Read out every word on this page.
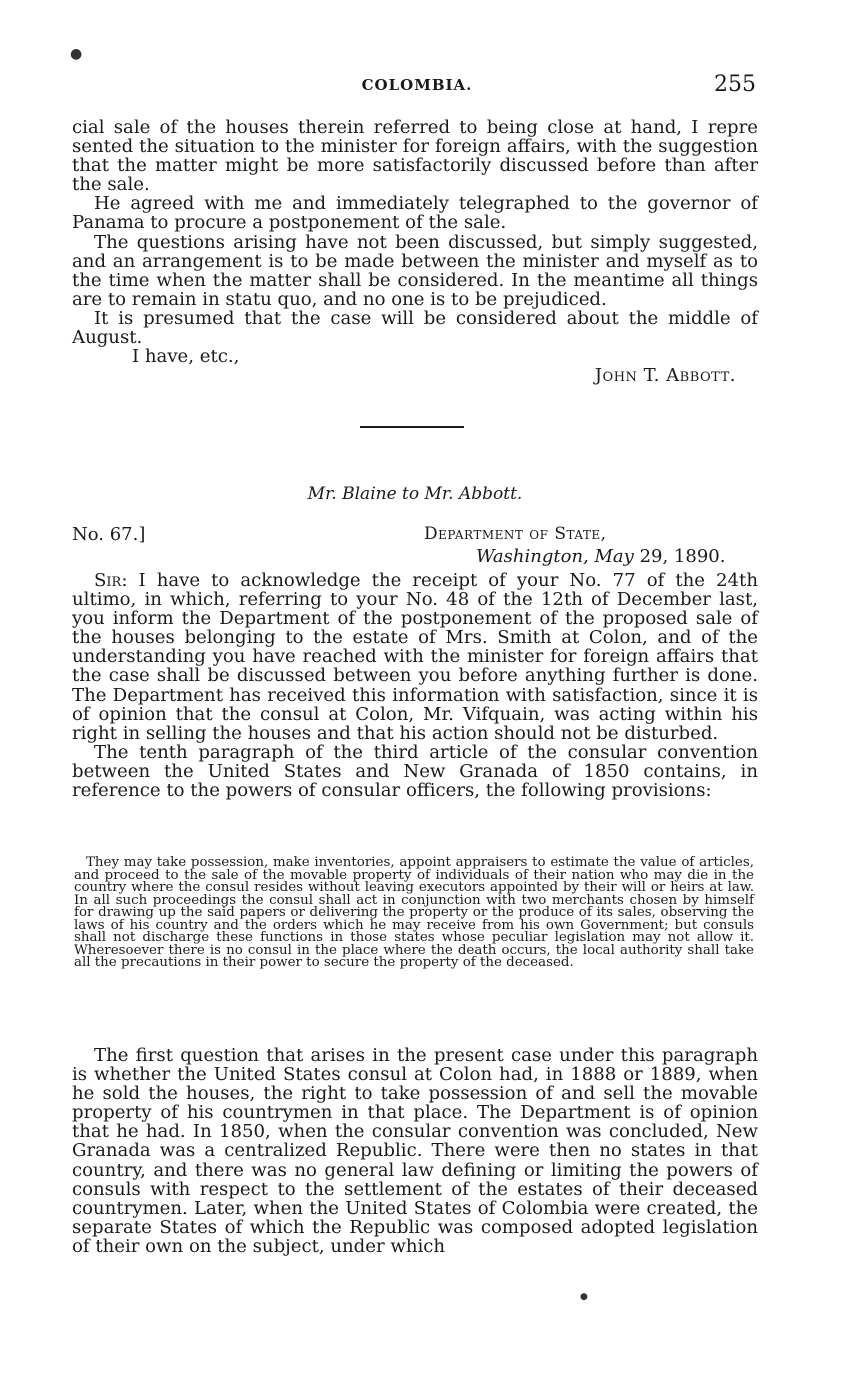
●
COLOMBIA.	255

cial sale of the houses therein referred to being close at hand, I repre sented the situation to the minister for foreign affairs, with the suggestion that the matter might be more satisfactorily discussed before than after the sale.

He agreed with me and immediately telegraphed to the governor of Panama to procure a postponement of the sale.

The questions arising have not been discussed, but simply suggested, and an arrangement is to be made between the minister and myself as to the time when the matter shall be considered. In the meantime all things are to remain in statu quo, and no one is to be prejudiced.

It is presumed that the case will be considered about the middle of August.

I have, etc.,

John T. Abbott.

Mr. Blaine to Mr. Abbott.
No. 67.]	Department of State,
Washington, May 29, 1890.

Sir: I have to acknowledge the receipt of your No. 77 of the 24th ultimo, in which, referring to your No. 48 of the 12th of December last, you inform the Department of the postponement of the proposed sale of the houses belonging to the estate of Mrs. Smith at Colon, and of the understanding you have reached with the minister for foreign affairs that the case shall be discussed between you before anything further is done. The Department has received this information with satisfaction, since it is of opinion that the consul at Colon, Mr. Vifquain, was acting within his right in selling the houses and that his action should not be disturbed.

The tenth paragraph of the third article of the consular convention between the United States and New Granada of 1850 contains, in reference to the powers of consular officers, the following provisions:

They may take possession, make inventories, appoint appraisers to estimate the value of articles, and proceed to the sale of the movable property of individuals of their nation who may die in the country where the consul resides without leaving executors appointed by their will or heirs at law. In all such proceedings the consul shall act in conjunction with two merchants chosen by himself for drawing up the said papers or delivering the property or the produce of its sales, observing the laws of his country and the orders which he may receive from his own Government; but consuls shall not discharge these functions in those states whose peculiar legislation may not allow it. Wheresoever there is no consul in the place where the death occurs, the local authority shall take all the precautions in their power to secure the property of the deceased.

The first question that arises in the present case under this paragraph is whether the United States consul at Colon had, in 1888 or 1889, when he sold the houses, the right to take possession of and sell the movable property of his countrymen in that place. The Department is of opinion that he had. In 1850, when the consular convention was concluded, New Granada was a centralized Republic. There were then no states in that country, and there was no general law defining or limiting the powers of consuls with respect to the settlement of the estates of their deceased countrymen. Later, when the United States of Colombia were created, the separate States of which the Republic was composed adopted legislation of their own on the subject, under which

●
